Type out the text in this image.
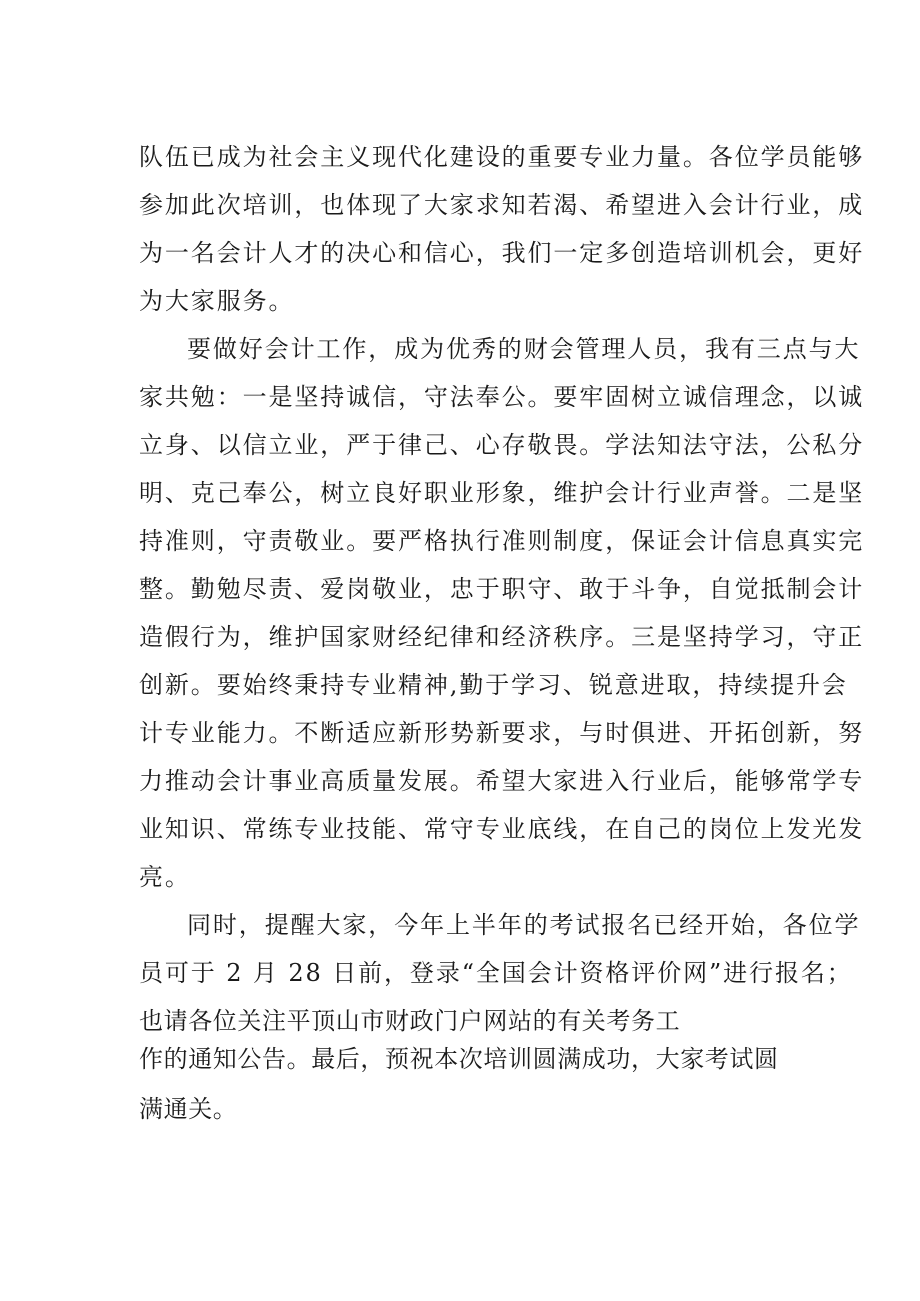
队伍已成为社会主义现代化建设的重要专业力量。各位学员能够
参加此次培训，也体现了大家求知若渴、希望进入会计行业，成
为一名会计人才的决心和信心，我们一定多创造培训机会，更好
为大家服务。
要做好会计工作，成为优秀的财会管理人员，我有三点与大
家共勉：一是坚持诚信，守法奉公。要牢固树立诚信理念，以诚
立身、以信立业，严于律己、心存敬畏。学法知法守法，公私分
明、克己奉公，树立良好职业形象，维护会计行业声誉。二是坚
持准则，守责敬业。要严格执行准则制度，保证会计信息真实完
整。勤勉尽责、爱岗敬业，忠于职守、敢于斗争，自觉抵制会计
造假行为，维护国家财经纪律和经济秩序。三是坚持学习，守正
创新。要始终秉持专业精神,勤于学习、锐意进取，持续提升会
计专业能力。不断适应新形势新要求，与时俱进、开拓创新，努
力推动会计事业高质量发展。希望大家进入行业后，能够常学专
业知识、常练专业技能、常守专业底线，在自己的岗位上发光发
亮。
同时，提醒大家，今年上半年的考试报名已经开始，各位学
员可于 2 月 28 日前，登录“全国会计资格评价网”进行报名；
也请各位关注平顶山市财政门户网站的有关考务工
作的通知公告。最后，预祝本次培训圆满成功，大家考试圆
满通关。
